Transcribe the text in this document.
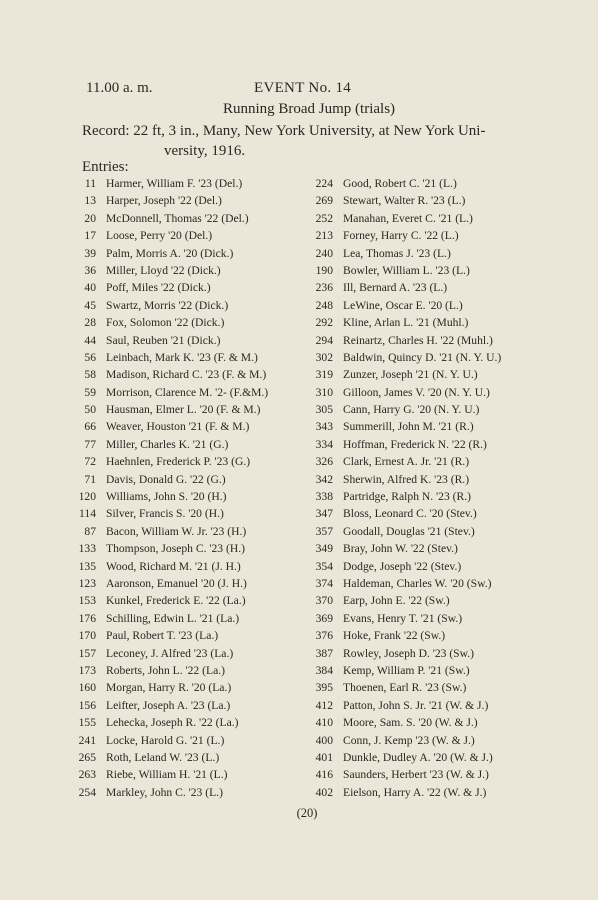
11.00 a. m.	EVENT No. 14
Running Broad Jump (trials)
Record: 22 ft, 3 in., Many, New York University, at New York Uni-
versity, 1916.
Entries:
11 Harmer, William F. '23 (Del.)
13 Harper, Joseph '22 (Del.)
20 McDonnell, Thomas '22 (Del.)
17 Loose, Perry '20 (Del.)
39 Palm, Morris A. '20 (Dick.)
36 Miller, Lloyd '22 (Dick.)
40 Poff, Miles '22 (Dick.)
45 Swartz, Morris '22 (Dick.)
28 Fox, Solomon '22 (Dick.)
44 Saul, Reuben '21 (Dick.)
56 Leinbach, Mark K. '23 (F. & M.)
58 Madison, Richard C. '23 (F. & M.)
59 Morrison, Clarence M. '2- (F.&M.)
50 Hausman, Elmer L. '20 (F. & M.)
66 Weaver, Houston '21 (F. & M.)
77 Miller, Charles K. '21 (G.)
72 Haehnlen, Frederick P. '23 (G.)
71 Davis, Donald G. '22 (G.)
120 Williams, John S. '20 (H.)
114 Silver, Francis S. '20 (H.)
87 Bacon, William W. Jr. '23 (H.)
133 Thompson, Joseph C. '23 (H.)
135 Wood, Richard M. '21 (J. H.)
123 Aaronson, Emanuel '20 (J. H.)
153 Kunkel, Frederick E. '22 (La.)
176 Schilling, Edwin L. '21 (La.)
170 Paul, Robert T. '23 (La.)
157 Leconey, J. Alfred '23 (La.)
173 Roberts, John L. '22 (La.)
160 Morgan, Harry R. '20 (La.)
156 Leifter, Joseph A. '23 (La.)
155 Lehecka, Joseph R. '22 (La.)
241 Locke, Harold G. '21 (L.)
265 Roth, Leland W. '23 (L.)
263 Riebe, William H. '21 (L.)
254 Markley, John C. '23 (L.)
224 Good, Robert C. '21 (L.)
269 Stewart, Walter R. '23 (L.)
252 Manahan, Everet C. '21 (L.)
213 Forney, Harry C. '22 (L.)
240 Lea, Thomas J. '23 (L.)
190 Bowler, William L. '23 (L.)
236 Ill, Bernard A. '23 (L.)
248 LeWine, Oscar E. '20 (L.)
292 Kline, Arlan L. '21 (Muhl.)
294 Reinartz, Charles H. '22 (Muhl.)
302 Baldwin, Quincy D. '21 (N. Y. U.)
319 Zunzer, Joseph '21 (N. Y. U.)
310 Gilloon, James V. '20 (N. Y. U.)
305 Cann, Harry G. '20 (N. Y. U.)
343 Summerill, John M. '21 (R.)
334 Hoffman, Frederick N. '22 (R.)
326 Clark, Ernest A. Jr. '21 (R.)
342 Sherwin, Alfred K. '23 (R.)
338 Partridge, Ralph N. '23 (R.)
347 Bloss, Leonard C. '20 (Stev.)
357 Goodall, Douglas '21 (Stev.)
349 Bray, John W. '22 (Stev.)
354 Dodge, Joseph '22 (Stev.)
374 Haldeman, Charles W. '20 (Sw.)
370 Earp, John E. '22 (Sw.)
369 Evans, Henry T. '21 (Sw.)
376 Hoke, Frank '22 (Sw.)
387 Rowley, Joseph D. '23 (Sw.)
384 Kemp, William P. '21 (Sw.)
395 Thoenen, Earl R. '23 (Sw.)
412 Patton, John S. Jr. '21 (W. & J.)
410 Moore, Sam. S. '20 (W. & J.)
400 Conn, J. Kemp '23 (W. & J.)
401 Dunkle, Dudley A. '20 (W. & J.)
416 Saunders, Herbert '23 (W. & J.)
402 Eielson, Harry A. '22 (W. & J.)
(20)
